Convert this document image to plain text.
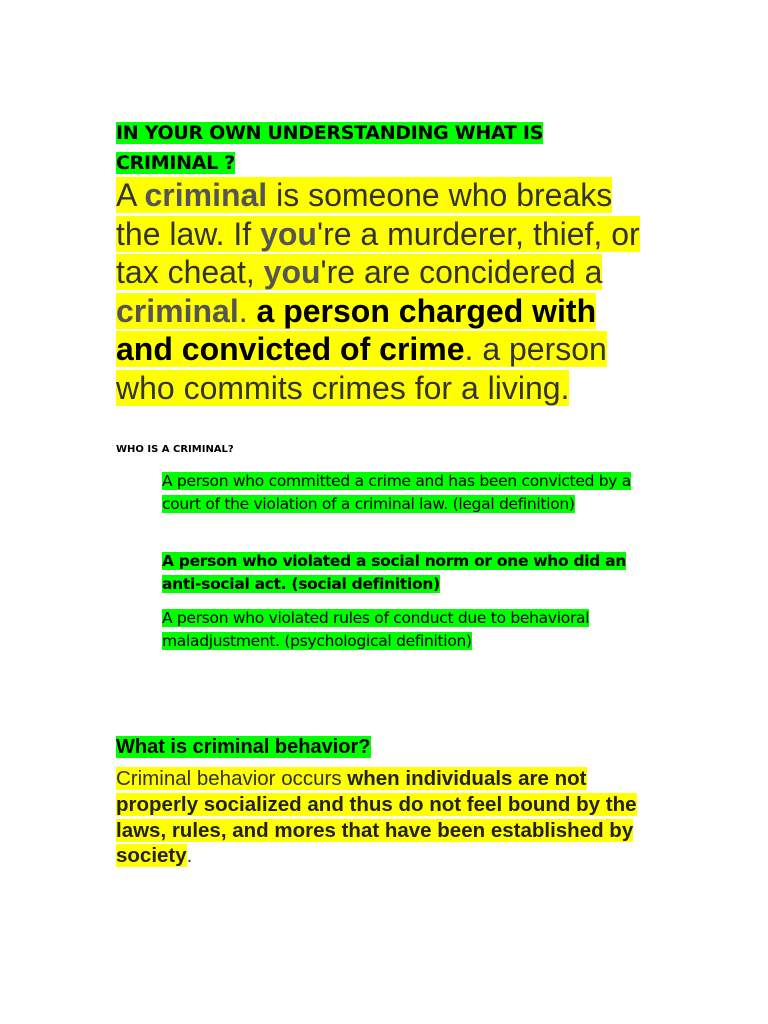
IN YOUR OWN UNDERSTANDING WHAT IS
CRIMINAL ?
A criminal is someone who breaks the law. If you're a murderer, thief, or tax cheat, you're are concidered a criminal. a person charged with and convicted of crime. a person who commits crimes for a living.
WHO IS A CRIMINAL?
A person who committed a crime and has been convicted by a court of the violation of a criminal law. (legal definition)
A person who violated a social norm or one who did an anti-social act. (social definition)
A person who violated rules of conduct due to behavioral maladjustment. (psychological definition)
What is criminal behavior?
Criminal behavior occurs when individuals are not properly socialized and thus do not feel bound by the laws, rules, and mores that have been established by society.
